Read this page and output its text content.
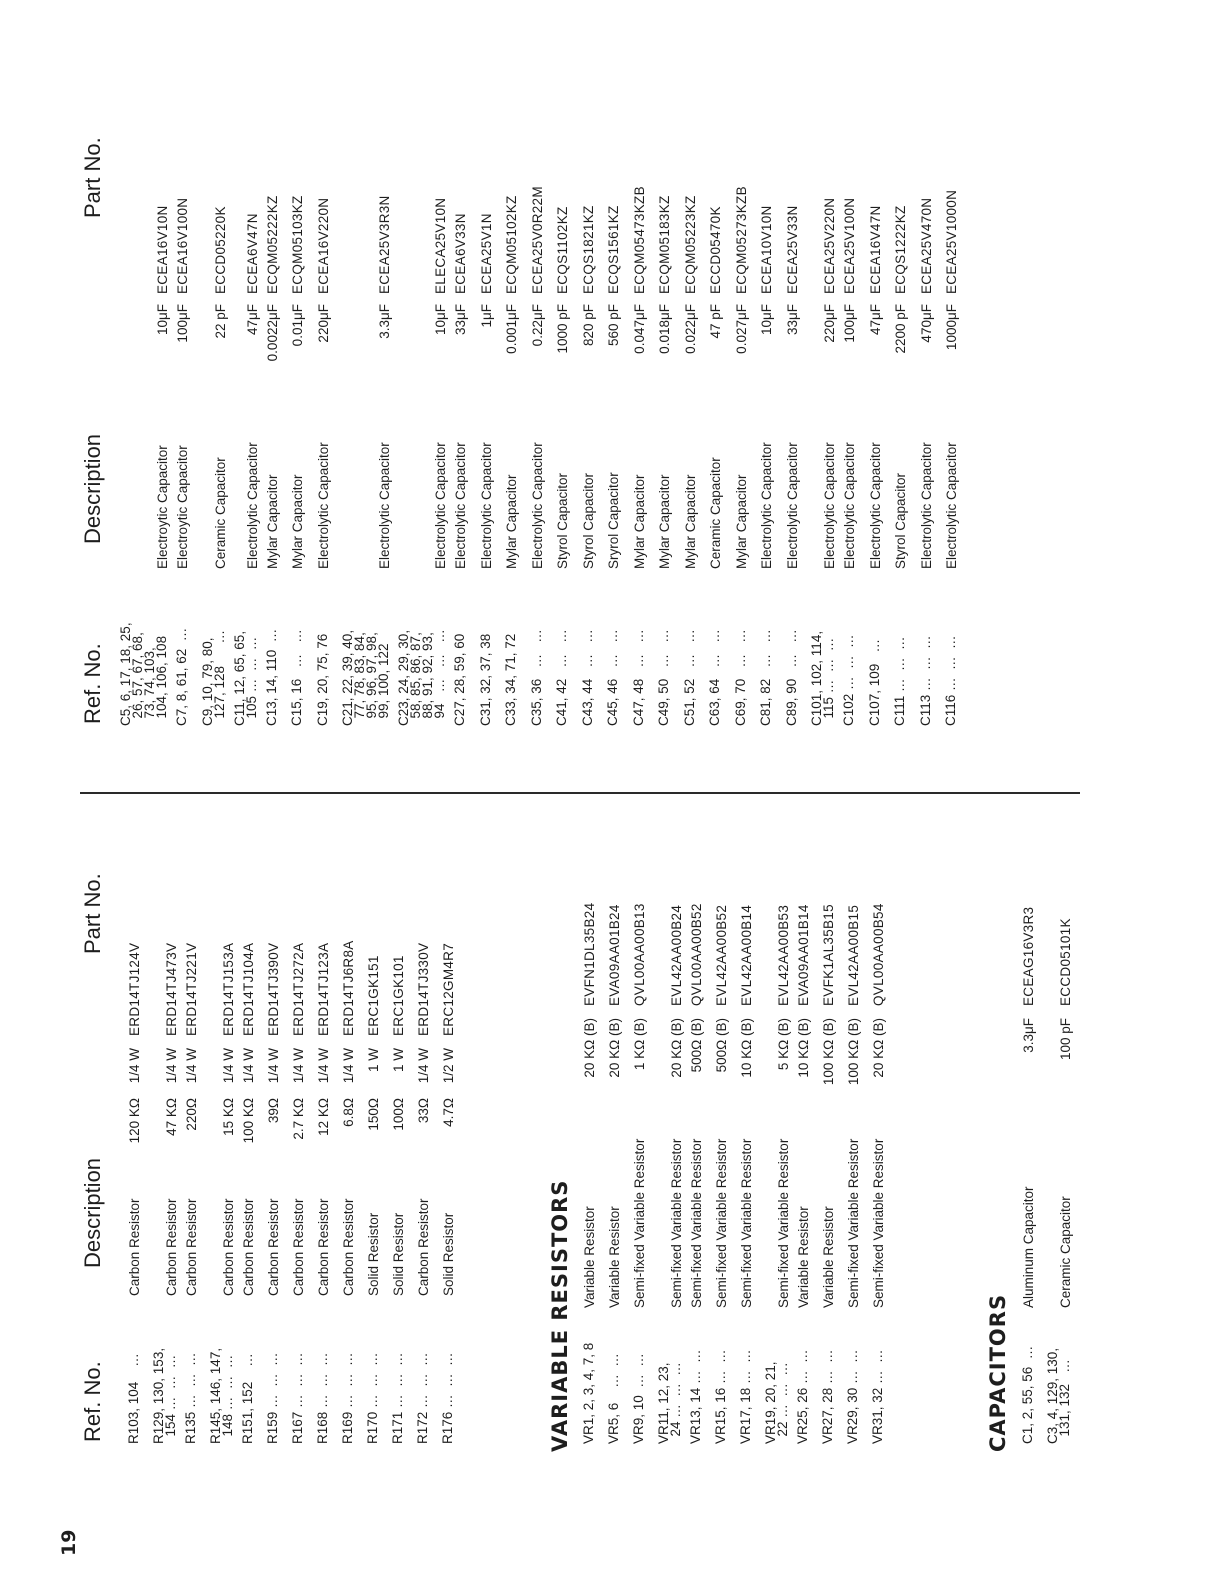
19
Ref. No.
Description
Part No.
Ref. No.
Description
Part No.
R103, 104    …
Carbon Resistor
120 KΩ
1/4 W
ERD14TJ124V
R129, 130, 153,
154 …  …  …
Carbon Resistor
47 KΩ
1/4 W
ERD14TJ473V
R135 …  …  …
Carbon Resistor
220Ω
1/4 W
ERD14TJ221V
R145, 146, 147,
148 …  …  …
Carbon Resistor
15 KΩ
1/4 W
ERD14TJ153A
R151, 152    …
Carbon Resistor
100 KΩ
1/4 W
ERD14TJ104A
R159 …  …  …
Carbon Resistor
39Ω
1/4 W
ERD14TJ390V
R167 …  …  …
Carbon Resistor
2.7 KΩ
1/4 W
ERD14TJ272A
R168 …  …  …
Carbon Resistor
12 KΩ
1/4 W
ERD14TJ123A
R169 …  …  …
Carbon Resistor
6.8Ω
1/4 W
ERD14TJ6R8A
R170 …  …  …
Solid Resistor
150Ω
1 W
ERC1GK151
R171 …  …  …
Solid Resistor
100Ω
1 W
ERC1GK101
R172 …  …  …
Carbon Resistor
33Ω
1/4 W
ERD14TJ330V
R176 …  …  …
Solid Resistor
4.7Ω
1/2 W
ERC12GM4R7
VR1, 2, 3, 4, 7, 8
Variable Resistor
20 KΩ (B)
EVFN1DL35B24
VR5, 6    …  …
Variable Resistor
20 KΩ (B)
EVA09AA01B24
VR9, 10  …  …
Semi-fixed Variable Resistor
1 KΩ (B)
QVL00AA00B13
VR11, 12, 23,
24 …  …  …
Semi-fixed Variable Resistor
20 KΩ (B)
EVL42AA00B24
VR13, 14 …  …
Semi-fixed Variable Resistor
500Ω (B)
QVL00AA00B52
VR15, 16 …  …
Semi-fixed Variable Resistor
500Ω (B)
EVL42AA00B52
VR17, 18 …  …
Semi-fixed Variable Resistor
10 KΩ (B)
EVL42AA00B14
VR19, 20, 21,
22 …  …  …
Semi-fixed Variable Resistor
5 KΩ (B)
EVL42AA00B53
VR25, 26 …  …
Variable Resistor
10 KΩ (B)
EVA09AA01B14
VR27, 28 …  …
Variable Resistor
100 KΩ (B)
EVFK1AL35B15
VR29, 30 …  …
Semi-fixed Variable Resistor
100 KΩ (B)
EVL42AA00B15
VR31, 32 …  …
Semi-fixed Variable Resistor
20 KΩ (B)
QVL00AA00B54
C1, 2, 55, 56  …
Aluminum Capacitor
3.3μF
ECEAG16V3R3
C3, 4, 129, 130,
131, 132   …
Ceramic Capacitor
100 pF
ECCD05101K
VARIABLE RESISTORS	CAPACITORS
C5, 6, 17, 18, 25,
26, 57, 67, 68,
73, 74, 103,
104, 106, 108
Electroytic Capacitor
10μF
ECEA16V10N
C7, 8, 61, 62  …
Electroytic Capacitor
100μF
ECEA16V100N
C9, 10, 79, 80,
127, 128      …
Ceramic Capacitor
22 pF
ECCD05220K
C11, 12, 65, 65,
105 …  …  …
Electrolytic Capacitor
47μF
ECEA6V47N
C13, 14, 110  …
Mylar Capacitor
0.0022μF
ECQM05222KZ
C15, 16   …   …
Mylar Capacitor
0.01μF
ECQM05103KZ
C19, 20, 75, 76
Electrolytic Capacitor
220μF
ECEA16V220N
C21, 22, 39, 40,
77, 78, 83, 84,
95, 96, 97, 98,
99, 100, 122
Electrolytic Capacitor
3.3μF
ECEA25V3R3N
C23, 24, 29, 30,
58, 85, 86, 87,
88, 91, 92, 93,
94   …   …   …
Electrolytic Capacitor
10μF
ELECA25V10N
C27, 28, 59, 60
Electrolytic Capacitor
33μF
ECEA6V33N
C31, 32, 37, 38
Electrolytic Capacitor
1μF
ECEA25V1N
C33, 34, 71, 72
Mylar Capacitor
0.001μF
ECQM05102KZ
C35, 36   …   …
Electrolytic Capacitor
0.22μF
ECEA25V0R22M
C41, 42   …   …
Styrol Capacitor
1000 pF
ECQS1102KZ
C43, 44   …   …
Styrol Capacitor
820 pF
ECQS1821KZ
C45, 46   …   …
Sryrol Capacitor
560 pF
ECQS1561KZ
C47, 48   …   …
Mylar Capacitor
0.047μF
ECQM05473KZB
C49, 50   …   …
Mylar Capacitor
0.018μF
ECQM05183KZ
C51, 52   …   …
Mylar Capacitor
0.022μF
ECQM05223KZ
C63, 64   …   …
Ceramic Capacitor
47 pF
ECCD05470K
C69, 70   …   …
Mylar Capacitor
0.027μF
ECQM05273KZB
C81, 82   …   …
Electrolytic Capacitor
10μF
ECEA10V10N
C89, 90   …   …
Electrolytic Capacitor
33μF
ECEA25V33N
C101, 102, 114,
115 …  …  …
Electrolytic Capacitor
220μF
ECEA25V220N
C102 …  …  …
Electrolytic Capacitor
100μF
ECEA25V100N
C107, 109   …
Electrolytic Capacitor
47μF
ECEA16V47N
C111 …  …  …
Styrol Capacitor
2200 pF
ECQS1222KZ
C113 …  …  …
Electrolytic Capacitor
470μF
ECEA25V470N
C116 …  …  …
Electrolytic Capacitor
1000μF
ECEA25V1000N
